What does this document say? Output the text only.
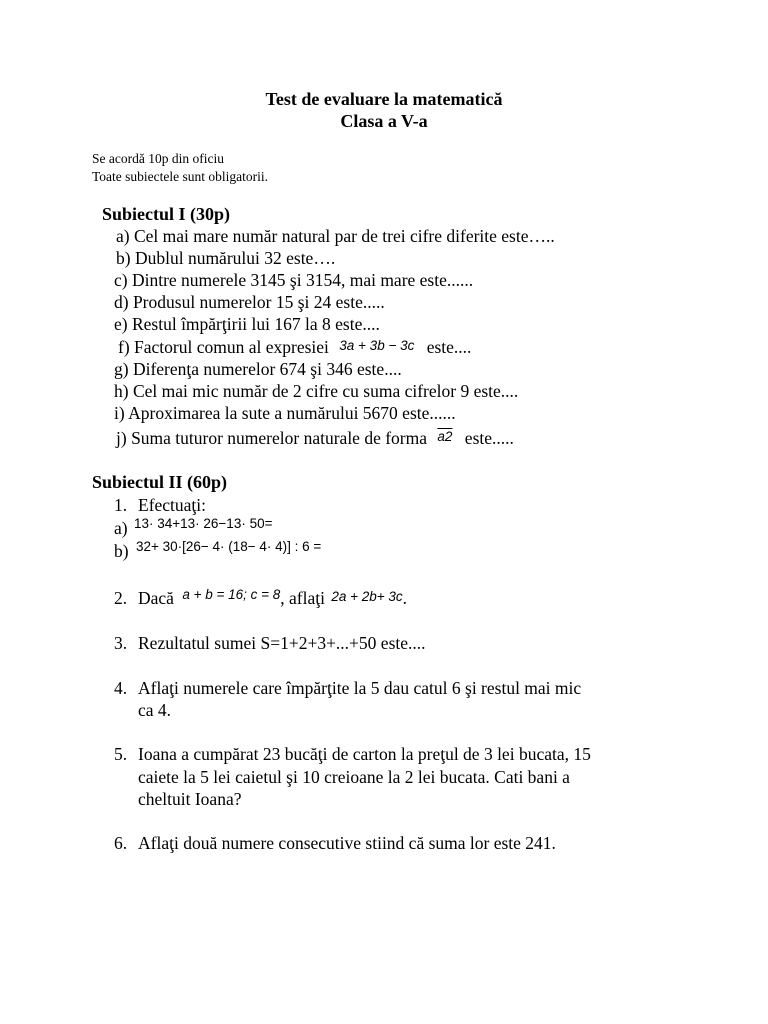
Test de evaluare la matematică
Clasa a V-a
Se acordă 10p din oficiu
Toate subiectele sunt obligatorii.
Subiectul I (30p)
a) Cel mai mare număr natural par de trei cifre diferite este…..
b) Dublul numărului 32 este….
c) Dintre numerele 3145 şi 3154, mai mare este......
d) Produsul numerelor 15 şi 24 este.....
e) Restul împărţirii lui 167 la 8 este....
f) Factorul comun al expresiei 3a + 3b − 3c este....
g) Diferenţa numerelor 674 şi 346 este....
h) Cel mai mic număr de 2 cifre cu suma cifrelor 9 este....
i) Aproximarea la sute a numărului 5670 este......
j) Suma tuturor numerelor naturale de forma a2 este.....
Subiectul II (60p)
1. Efectuaţi:
a) $^{13\cdot 34+13\cdot 26-13\cdot 50=}$
b) $^{32+ 30\cdot[26- 4\cdot (18- 4\cdot 4)] : 6 =}$
2. Dacă $^{a + b = 16; c = 8}$, aflaţi 2a + 2b+ 3c.
3. Rezultatul sumei S=1+2+3+...+50 este....
4. Aflaţi numerele care împărţite la 5 dau catul 6 şi restul mai mic
ca 4.
5. Ioana a cumpărat 23 bucăţi de carton la preţul de 3 lei bucata, 15
caiete la 5 lei caietul şi 10 creioane la 2 lei bucata. Cati bani a
cheltuit Ioana?
6. Aflaţi două numere consecutive stiind că suma lor este 241.
